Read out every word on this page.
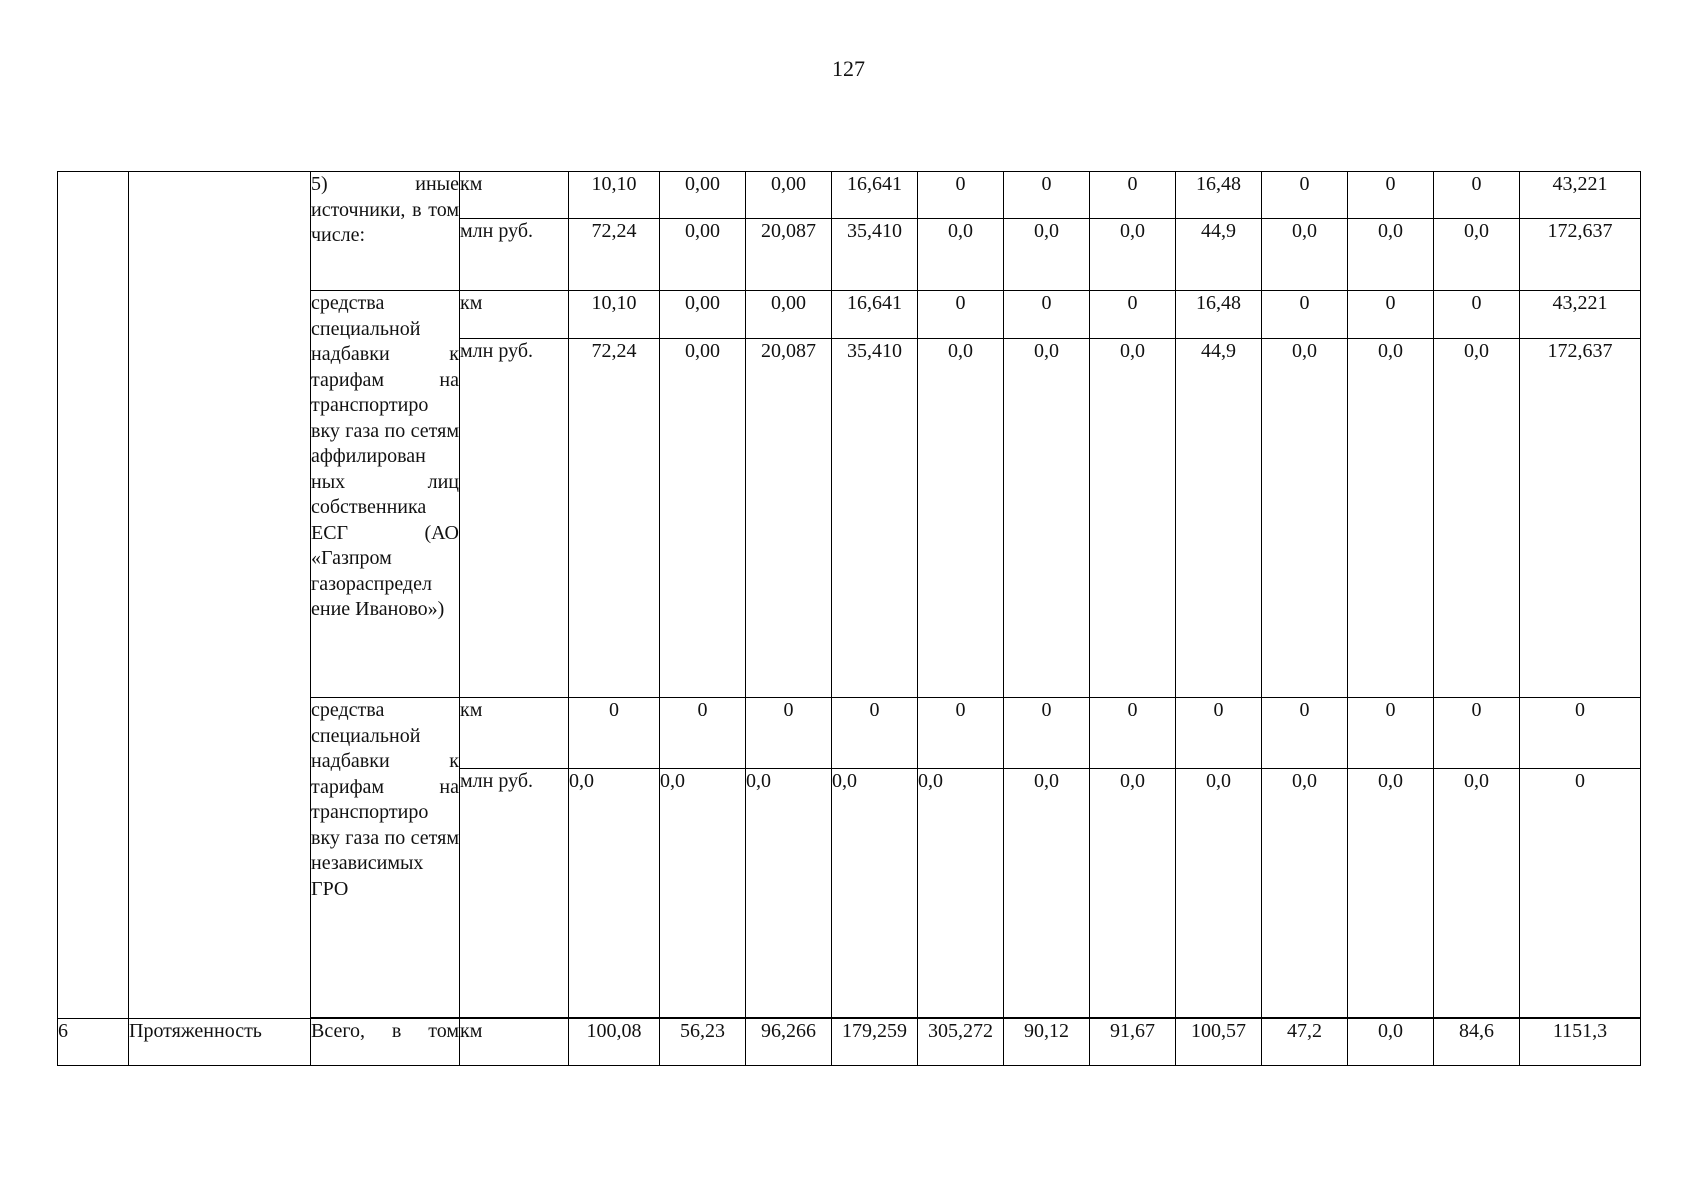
127

		5) иные источники, в том числе:	км	10,10	0,00	0,00	16,641	0	0	0	16,48	0	0	0	43,221
			млн руб.	72,24	0,00	20,087	35,410	0,0	0,0	0,0	44,9	0,0	0,0	0,0	172,637

		средства специальной надбавки к тарифам на транспортиро вку газа по сетям аффилирован ных лиц собственника ЕСГ (АО «Газпром газораспредел ение Иваново»)	км	10,10	0,00	0,00	16,641	0	0	0	16,48	0	0	0	43,221
			млн руб.	72,24	0,00	20,087	35,410	0,0	0,0	0,0	44,9	0,0	0,0	0,0	172,637

		средства специальной надбавки к тарифам на транспортиро вку газа по сетям независимых ГРО	км	0	0	0	0	0	0	0	0	0	0	0	0
			млн руб.	0,0	0,0	0,0	0,0	0,0	0,0	0,0	0,0	0,0	0,0	0,0	0

6	Протяженность	Всего, в том	км	100,08	56,23	96,266	179,259	305,272	90,12	91,67	100,57	47,2	0,0	84,6	1151,3
